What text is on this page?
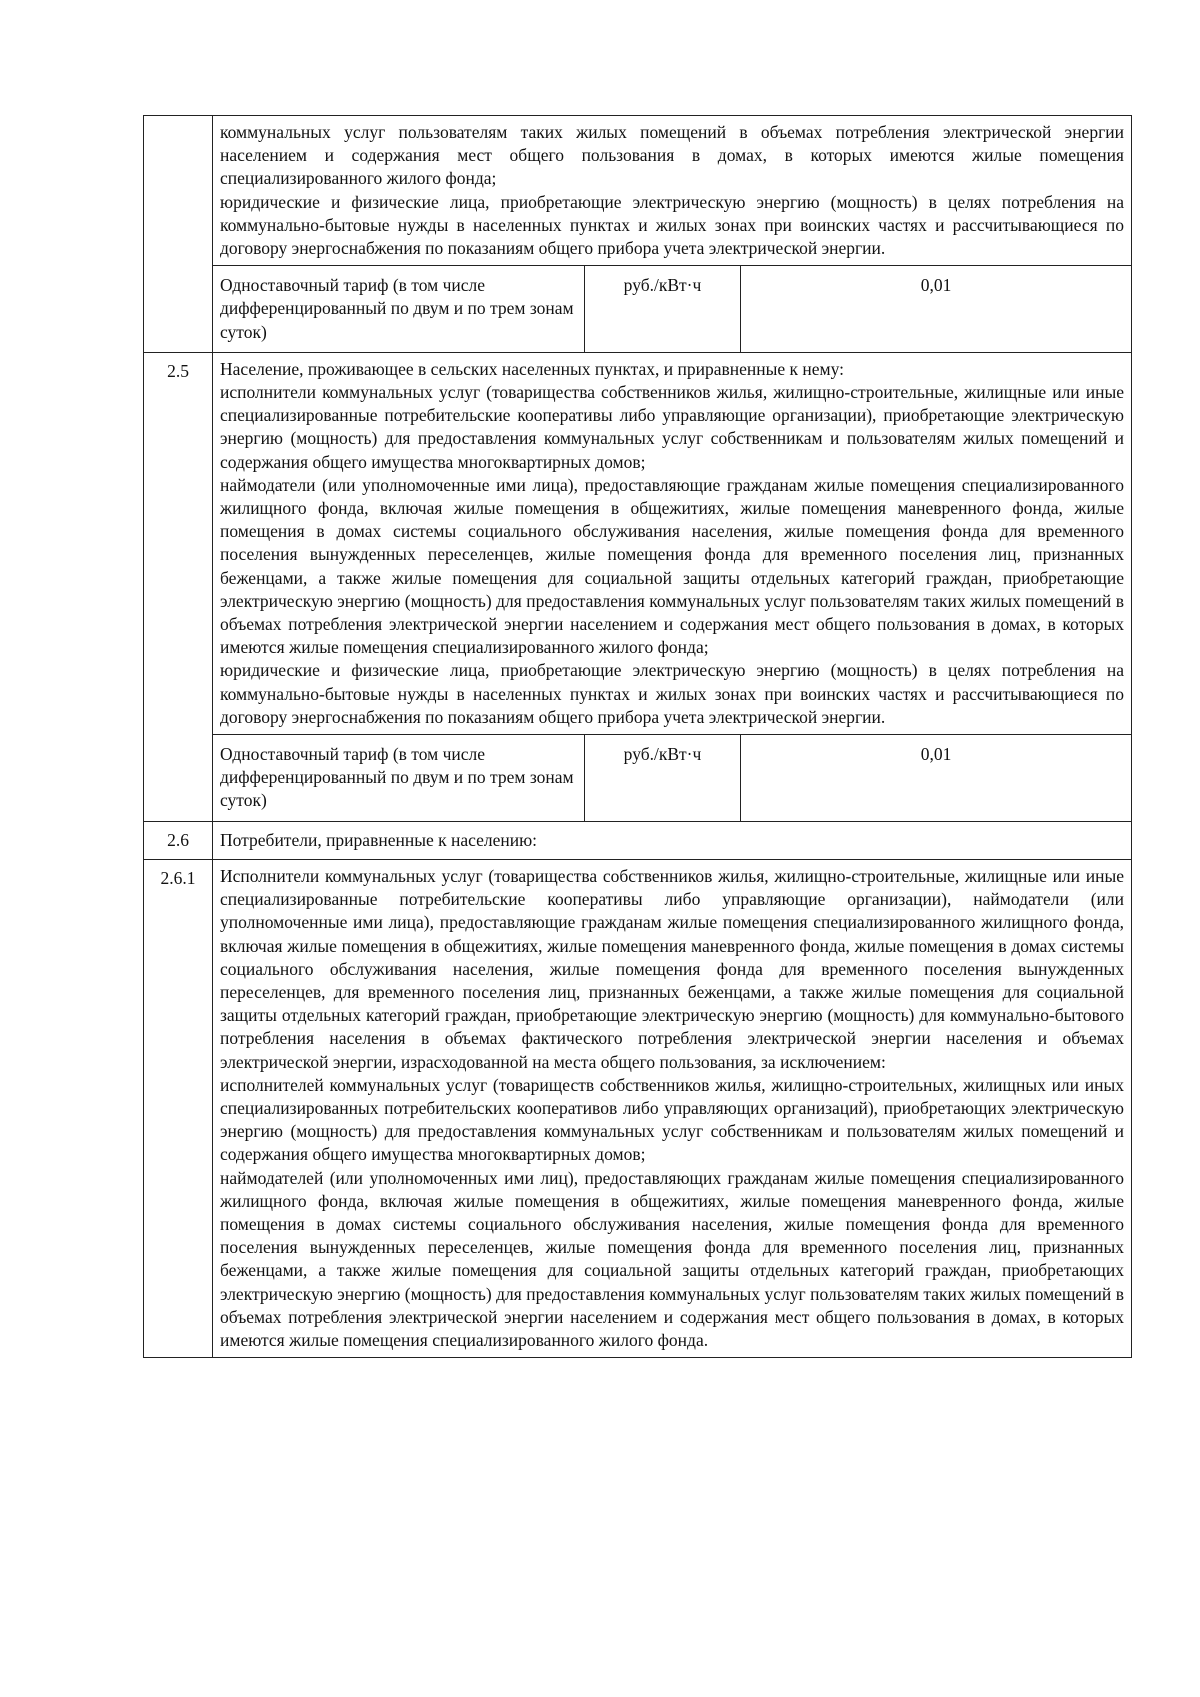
коммунальных услуг пользователям таких жилых помещений в объемах потребления электрической энергии населением и содержания мест общего пользования в домах, в которых имеются жилые помещения специализированного жилого фонда;

юридические и физические лица, приобретающие электрическую энергию (мощность) в целях потребления на коммунально-бытовые нужды в населенных пунктах и жилых зонах при воинских частях и рассчитывающиеся по договору энергоснабжения по показаниям общего прибора учета электрической энергии.

Одноставочный тариф (в том числе дифференцированный по двум и по трем зонам суток)	руб./кВт·ч	0,01

2.5	Население, проживающее в сельских населенных пунктах, и приравненные к нему:

исполнители коммунальных услуг (товарищества собственников жилья, жилищно-строительные, жилищные или иные специализированные потребительские кооперативы либо управляющие организации), приобретающие электрическую энергию (мощность) для предоставления коммунальных услуг собственникам и пользователям жилых помещений и содержания общего имущества многоквартирных домов;

наймодатели (или уполномоченные ими лица), предоставляющие гражданам жилые помещения специализированного жилищного фонда, включая жилые помещения в общежитиях, жилые помещения маневренного фонда, жилые помещения в домах системы социального обслуживания населения, жилые помещения фонда для временного поселения вынужденных переселенцев, жилые помещения фонда для временного поселения лиц, признанных беженцами, а также жилые помещения для социальной защиты отдельных категорий граждан, приобретающие электрическую энергию (мощность) для предоставления коммунальных услуг пользователям таких жилых помещений в объемах потребления электрической энергии населением и содержания мест общего пользования в домах, в которых имеются жилые помещения специализированного жилого фонда;

юридические и физические лица, приобретающие электрическую энергию (мощность) в целях потребления на коммунально-бытовые нужды в населенных пунктах и жилых зонах при воинских частях и рассчитывающиеся по договору энергоснабжения по показаниям общего прибора учета электрической энергии.

Одноставочный тариф (в том числе дифференцированный по двум и по трем зонам суток)	руб./кВт·ч	0,01

2.6	Потребители, приравненные к населению:

2.6.1	Исполнители коммунальных услуг (товарищества собственников жилья, жилищно-строительные, жилищные или иные специализированные потребительские кооперативы либо управляющие организации), наймодатели (или уполномоченные ими лица), предоставляющие гражданам жилые помещения специализированного жилищного фонда, включая жилые помещения в общежитиях, жилые помещения маневренного фонда, жилые помещения в домах системы социального обслуживания населения, жилые помещения фонда для временного поселения вынужденных переселенцев, для временного поселения лиц, признанных беженцами, а также жилые помещения для социальной защиты отдельных категорий граждан, приобретающие электрическую энергию (мощность) для коммунально-бытового потребления населения в объемах фактического потребления электрической энергии населения и объемах электрической энергии, израсходованной на места общего пользования, за исключением:

исполнителей коммунальных услуг (товариществ собственников жилья, жилищно-строительных, жилищных или иных специализированных потребительских кооперативов либо управляющих организаций), приобретающих электрическую энергию (мощность) для предоставления коммунальных услуг собственникам и пользователям жилых помещений и содержания общего имущества многоквартирных домов;

наймодателей (или уполномоченных ими лиц), предоставляющих гражданам жилые помещения специализированного жилищного фонда, включая жилые помещения в общежитиях, жилые помещения маневренного фонда, жилые помещения в домах системы социального обслуживания населения, жилые помещения фонда для временного поселения вынужденных переселенцев, жилые помещения фонда для временного поселения лиц, признанных беженцами, а также жилые помещения для социальной защиты отдельных категорий граждан, приобретающих электрическую энергию (мощность) для предоставления коммунальных услуг пользователям таких жилых помещений в объемах потребления электрической энергии населением и содержания мест общего пользования в домах, в которых имеются жилые помещения специализированного жилого фонда.
